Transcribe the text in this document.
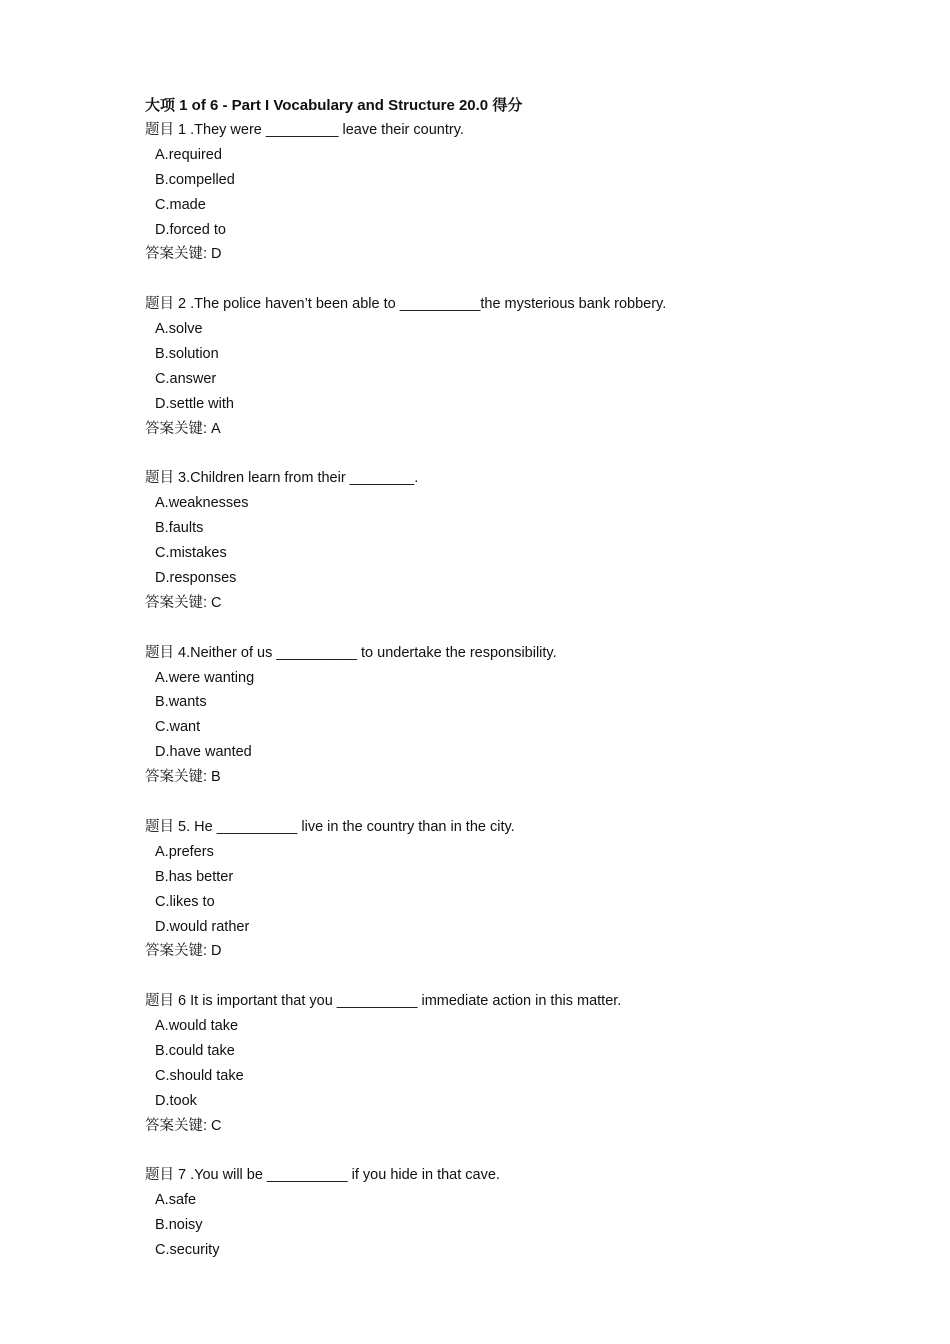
大项 1 of 6 - Part I Vocabulary and Structure 20.0 得分
题目 1 .They were _________ leave their country.
A.required
B.compelled
C.made
D.forced to
答案关键: D
题目 2 .The police haven’t been able to __________the mysterious bank robbery.
A.solve
B.solution
C.answer
D.settle with
答案关键: A
题目 3.Children learn from their ________.
A.weaknesses
B.faults
C.mistakes
D.responses
答案关键: C
题目 4.Neither of us __________ to undertake the responsibility.
A.were wanting
B.wants
C.want
D.have wanted
答案关键: B
题目 5. He __________ live in the country than in the city.
A.prefers
B.has better
C.likes to
D.would rather
答案关键: D
题目 6 It is important that you __________ immediate action in this matter.
A.would take
B.could take
C.should take
D.took
答案关键: C
题目 7 .You will be __________ if you hide in that cave.
A.safe
B.noisy
C.security
